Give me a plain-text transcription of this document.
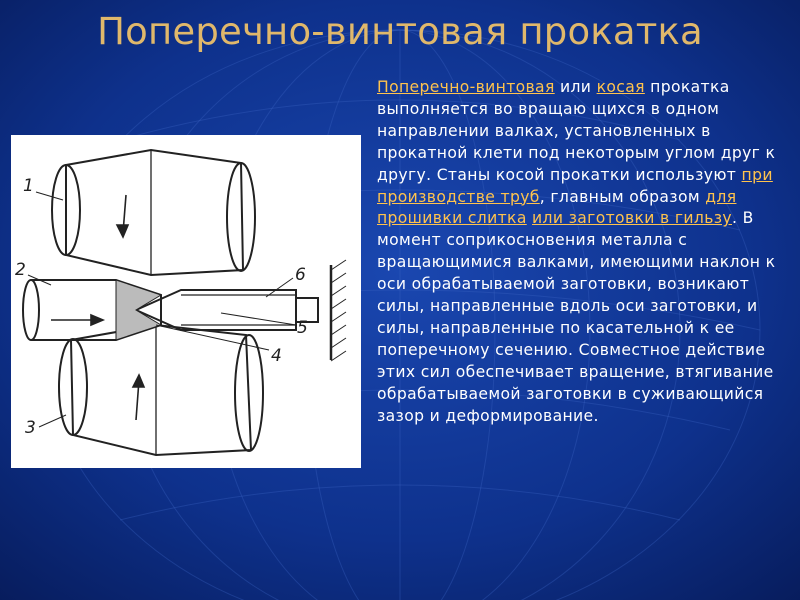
Поперечно-винтовая прокатка
1
2
3
4
5
6
Поперечно-винтовая или косая прокатка выполняется во вращаю щихся в одном направлении валках, установленных в прокатной клети под некоторым углом друг к другу. Станы косой прокатки используют при производстве труб, главным образом для прошивки слитка или заготовки в гильзу. В момент соприкосновения металла с вращающимися валками, имеющими наклон к оси обрабатываемой заготовки, возникают силы, направленные вдоль оси заготовки, и силы, направленные по касательной к ее поперечному сечению. Совместное действие этих сил обеспечивает вращение, втягивание обрабатываемой заготовки в суживающийся зазор и деформирование.
